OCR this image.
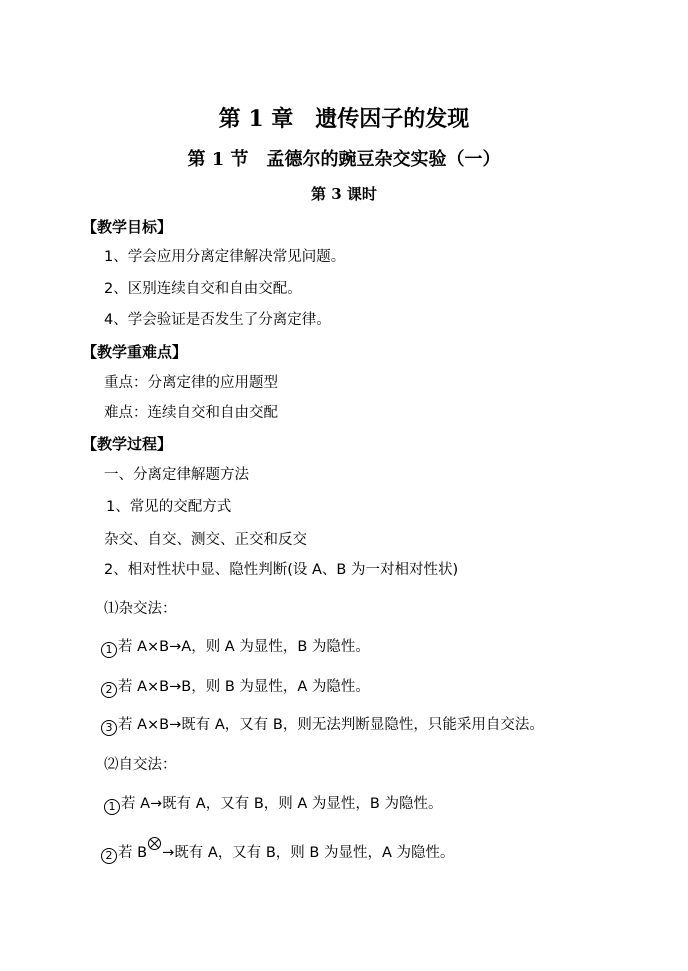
第 1 章　遗传因子的发现
第 1 节　孟德尔的豌豆杂交实验（一）
第 3 课时
【教学目标】
1、学会应用分离定律解决常见问题。
2、区别连续自交和自由交配。
4、学会验证是否发生了分离定律。
【教学重难点】
重点：分离定律的应用题型
难点：连续自交和自由交配
【教学过程】
一、分离定律解题方法
1、常见的交配方式
杂交、自交、测交、正交和反交
2、相对性状中显、隐性判断(设 A、B 为一对相对性状)
⑴杂交法：
1 若 A×B→A，则 A 为显性，B 为隐性。
2 若 A×B→B，则 B 为显性，A 为隐性。
3 若 A×B→既有 A，又有 B，则无法判断显隐性，只能采用自交法。
⑵自交法：
1 若 A→既有 A，又有 B，则 A 为显性，B 为隐性。
2 若 B →既有 A，又有 B，则 B 为显性，A 为隐性。
